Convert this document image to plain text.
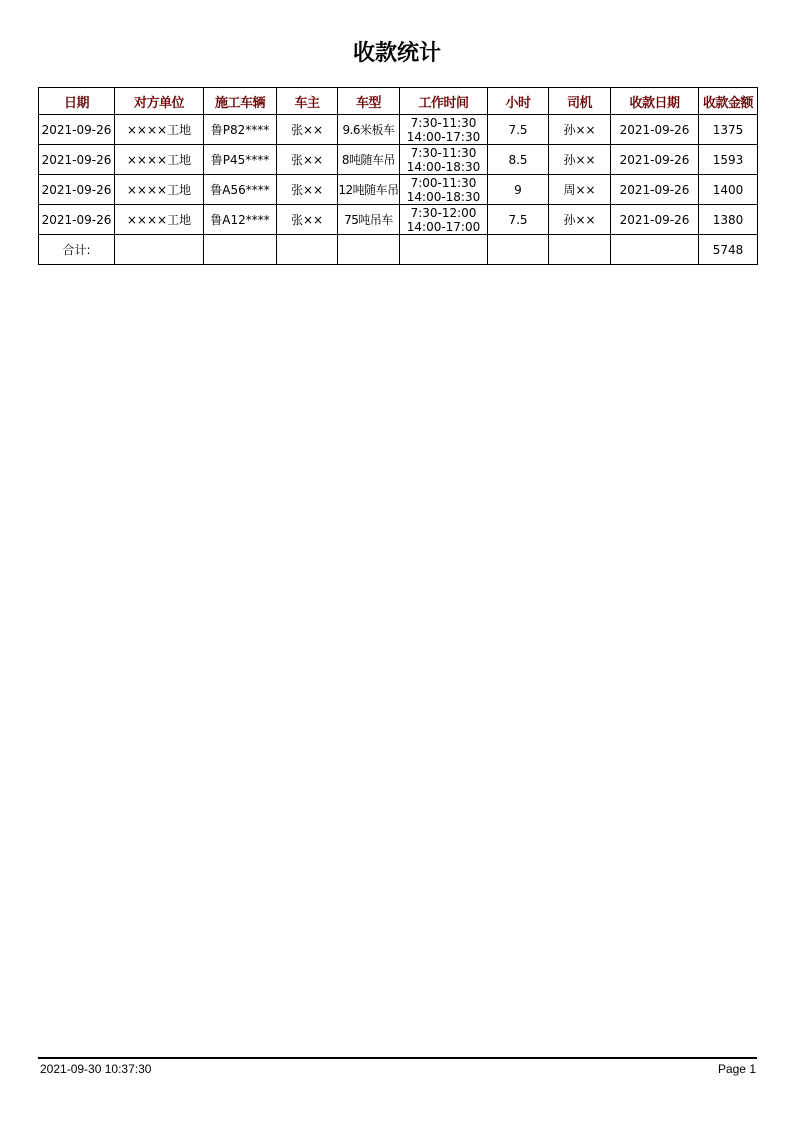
收款统计
日期	对方单位	施工车辆	车主	车型	工作时间	小时	司机	收款日期	收款金额
2021-09-26	××××工地	鲁P82****	张××	9.6米板车	7:30-11:30
14:00-17:30	7.5	孙××	2021-09-26	1375
2021-09-26	××××工地	鲁P45****	张××	8吨随车吊	7:30-11:30
14:00-18:30	8.5	孙××	2021-09-26	1593
2021-09-26	××××工地	鲁A56****	张××	12吨随车吊	7:00-11:30
14:00-18:30	9	周××	2021-09-26	1400
2021-09-26	××××工地	鲁A12****	张××	75吨吊车	7:30-12:00
14:00-17:00	7.5	孙××	2021-09-26	1380
合计:									5748
2021-09-30 10:37:30	Page 1
